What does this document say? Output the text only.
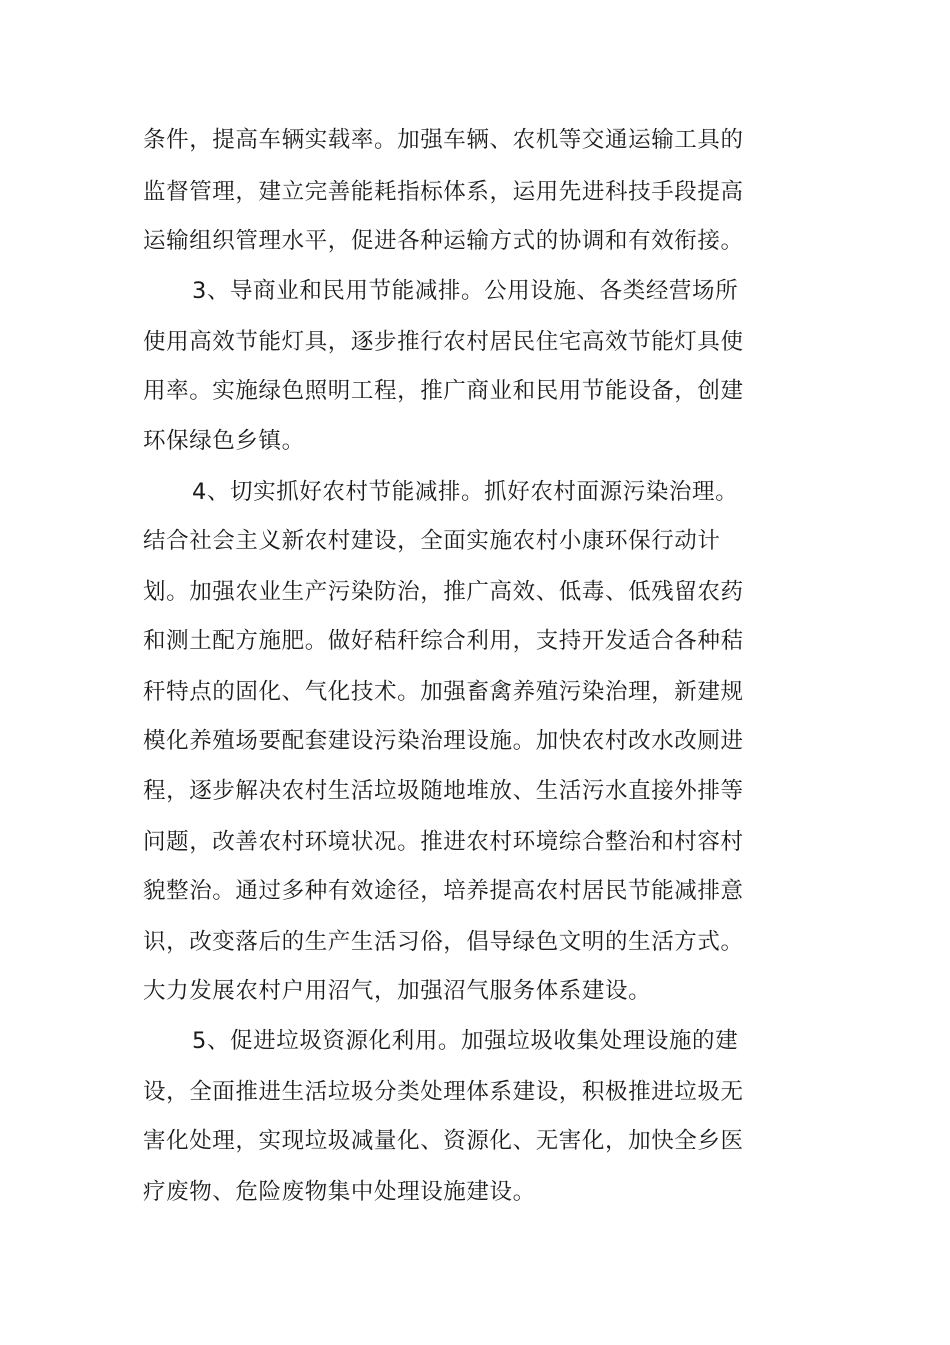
条件，提高车辆实载率。加强车辆、农机等交通运输工具的
监督管理，建立完善能耗指标体系，运用先进科技手段提高
运输组织管理水平，促进各种运输方式的协调和有效衔接。
3、导商业和民用节能减排。公用设施、各类经营场所
使用高效节能灯具，逐步推行农村居民住宅高效节能灯具使
用率。实施绿色照明工程，推广商业和民用节能设备，创建
环保绿色乡镇。
4、切实抓好农村节能减排。抓好农村面源污染治理。
结合社会主义新农村建设，全面实施农村小康环保行动计
划。加强农业生产污染防治，推广高效、低毒、低残留农药
和测土配方施肥。做好秸秆综合利用，支持开发适合各种秸
秆特点的固化、气化技术。加强畜禽养殖污染治理，新建规
模化养殖场要配套建设污染治理设施。加快农村改水改厕进
程，逐步解决农村生活垃圾随地堆放、生活污水直接外排等
问题，改善农村环境状况。推进农村环境综合整治和村容村
貌整治。通过多种有效途径，培养提高农村居民节能减排意
识，改变落后的生产生活习俗，倡导绿色文明的生活方式。
大力发展农村户用沼气，加强沼气服务体系建设。
5、促进垃圾资源化利用。加强垃圾收集处理设施的建
设，全面推进生活垃圾分类处理体系建设，积极推进垃圾无
害化处理，实现垃圾减量化、资源化、无害化，加快全乡医
疗废物、危险废物集中处理设施建设。
